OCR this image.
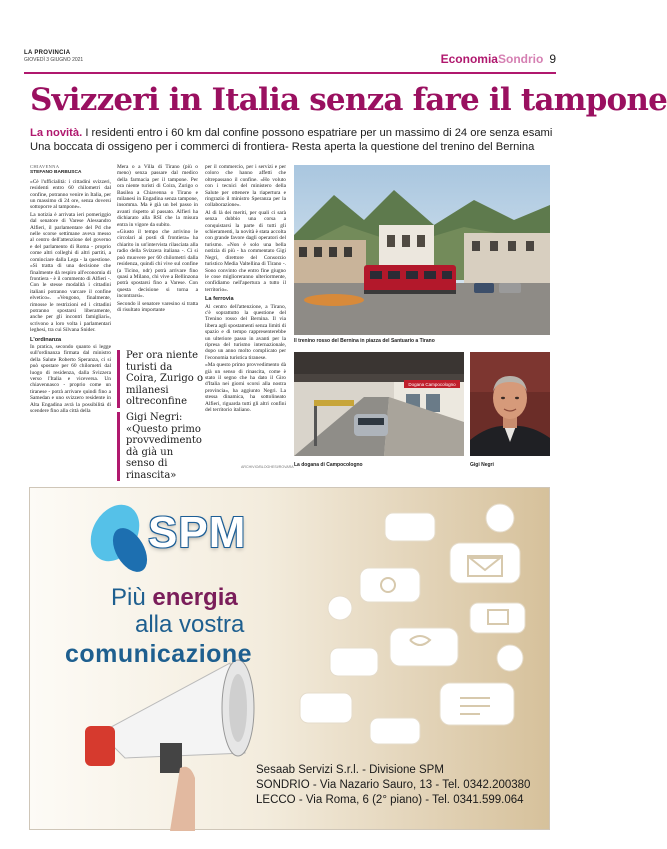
LA PROVINCIA
GIOVEDÌ 3 GIUGNO 2021	EconomiaSondrio 9
Svizzeri in Italia senza fare il tampone
La novità. I residenti entro i 60 km dal confine possono espatriare per un massimo di 24 ore senza esami
Una boccata di ossigeno per i commerci di frontiera- Resta aperta la questione del trenino del Bernina
CHIAVENNA
STEFANO BARBUSCA

«Cè l'ufficialità: i cittadini svizzeri, residenti entro 60 chilometri dal confine, potranno venire in Italia, per un massimo di 24 ore, senza doversi sottoporre al tampone».

La notizia è arrivata ieri pomeriggio dal senatore di Varese Alessandro Alfieri, il parlamentare del Pd che nelle scorse settimane aveva messo al centro dell'attenzione del governo e del parlamento di Roma - proprio come altri colleghi di altri partiti, a cominciare dalla Lega - la questione. «Si tratta di una decisione che finalmente dà respiro all'economia di frontiera - è il commento di Alfieri -. Con le stesse modalità i cittadini italiani potranno varcare il confine elvetico». «Vengono, finalmente, rimosse le restrizioni ed i cittadini potranno spostarsi liberamente, anche per gli incontri famigliari», scrivono a loro volta i parlamentari leghesi, tra cui Silvana Snider.

L'ordinanza

In pratica, secondo quanto si legge sull'ordinanza firmata dal ministro della Salute Roberto Speranza, ci si può spostare per 60 chilometri dal luogo di residenza, dalla Svizzera verso l'Italia e viceversa. Un chiavennasco - proprio come un tiranese - potrà arrivare quindi fino a Samedan e uno svizzero residente in Alta Engadina avrà la possibilità di scendere fino alla città della

Mera o a Villa di Tirano (più o meno) senza passare dal medico della farmacia per il tampone. Per ora niente turisti di Coira, Zurigo o Basilea a Chiavenna o Tirano e milanesi in Engadina senza tampone, insomma. Ma è già un bel passo in avanti rispetto al passato. Alfieri ha dichiarato alla RSI che la misura entra in vigore da subito.

«Giusto il tempo che arrivino le circolari ai posti di frontiera» ha chiarito in un'intervista rilasciata alla radio della Svizzera italiana -. Ci si può muovere per 60 chilometri dalla residenza, quindi chi vive sul confine (a Ticino, ndr) potrà arrivare fino quasi a Milano, chi vive a Bellinzona potrà spostarsi fino a Varese. Con questa decisione si torna a incontrarsi».

Secondo il senatore varesino si tratta di risultato importante

Per ora niente turisti da Coira, Zurigo o milanesi oltreconfine
Gigi Negri: «Questo primo provvedimento dà già un senso di rinascita»

per il commercio, per i servizi e per coloro che hanno affetti che oltrepassano il confine. «Ho voluto con i tecnici del ministero della Salute per ottenere la riapertura e ringrazio il ministro Speranza per la collaborazione».

Al di là dei meriti, per quali ci sarà senza dubbio una corsa a conquistarsi la parte di tutti gli schieramenti, la novità è stata accolta con grande favore dagli operatori del turismo. «Non è solo una bella notizia di più - ha commentato Gigi Negri, direttore del Consorzio turistico Media Valtellina di Tirano -. Sono convinto che entro fine giugno le cose miglioreranno ulteriormente, confidiamo nell'apertura a tutto il territorio».

La ferrovia

Al centro dell'attenzione, a Tirano, c'è soprattutto la questione del Trenino rosso del Bernina. Il via libera agli spostamenti senza limiti di spazio e di tempo rappresenterebbe un ulteriore passo in avanti per la ripresa del turismo internazionale, dopo un anno molto complicato per l'economia turistica tiranese.

«Ma questo primo provvedimento dà già un senso di rinascita, come è stato il segno che ha dato il Giro d'Italia nei giorni scorsi alla nostra provincia», ha aggiunto Negri. La stessa dinamica, ha sottolineato Alfieri, riguarda tutti gli altri confini del territorio italiano.

Il trenino rosso del Bernina in piazza del Santuario a Tirano
Dogana Campocologno
La dogana di Campocologno
ARCHIVIO/BLOGHESI/ROVARA	Gigi Negri
SPM
Più energia
alla vostra
comunicazione
Sesaab Servizi S.r.l. - Divisione SPM
SONDRIO - Via Nazario Sauro, 13 - Tel. 0342.200380
LECCO - Via Roma, 6 (2° piano) - Tel. 0341.599.064
